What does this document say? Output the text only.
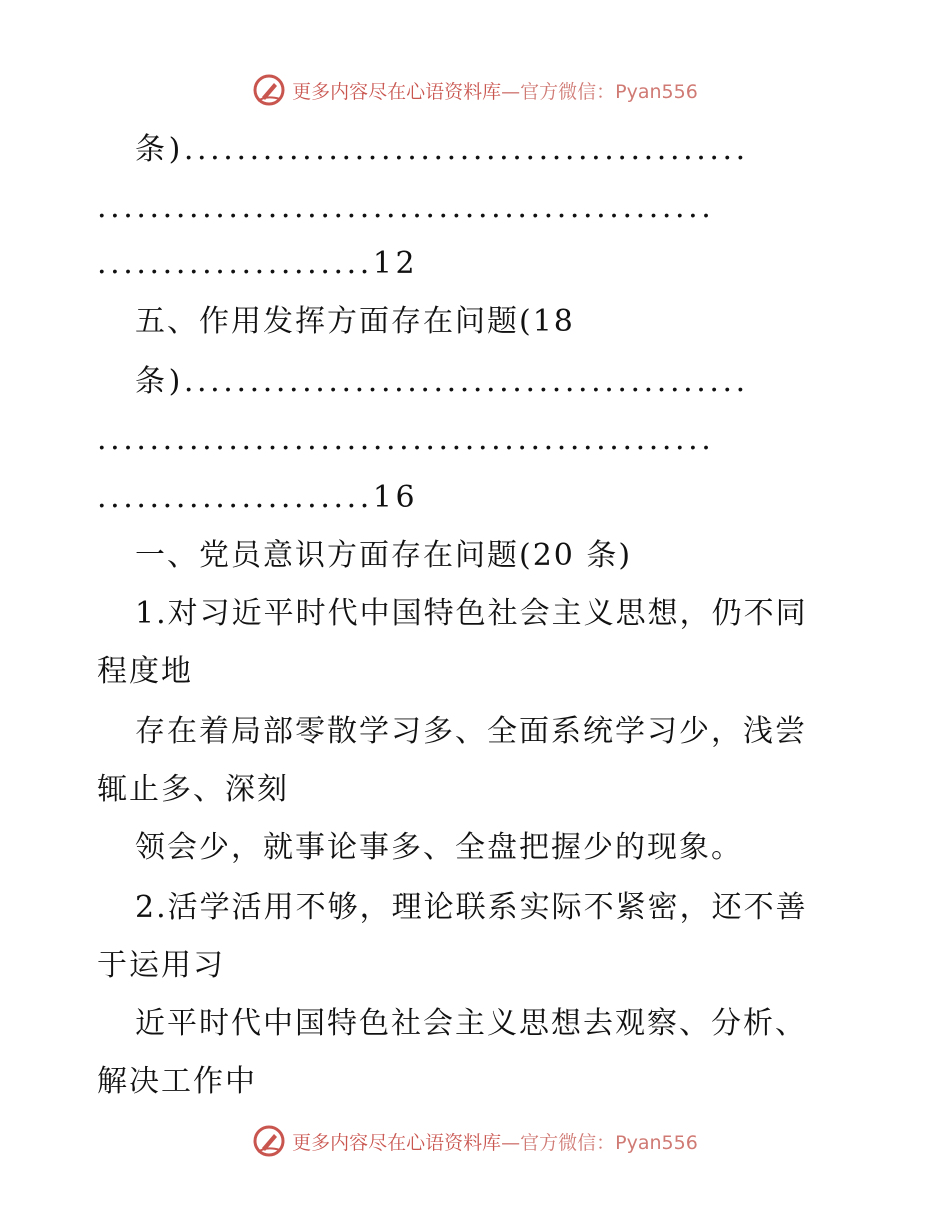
更多内容尽在心语资料库 —官方微信：Pyan556
条)...........................................
...............................................
.....................12
五、作用发挥方面存在问题(18
条)...........................................
...............................................
.....................16
一、党员意识方面存在问题(20 条)
1.对习近平时代中国特色社会主义思想，仍不同
程度地
存在着局部零散学习多、全面系统学习少，浅尝
辄止多、深刻
领会少，就事论事多、全盘把握少的现象。
2.活学活用不够，理论联系实际不紧密，还不善
于运用习
近平时代中国特色社会主义思想去观察、分析、
解决工作中
更多内容尽在心语资料库 —官方微信：Pyan556
